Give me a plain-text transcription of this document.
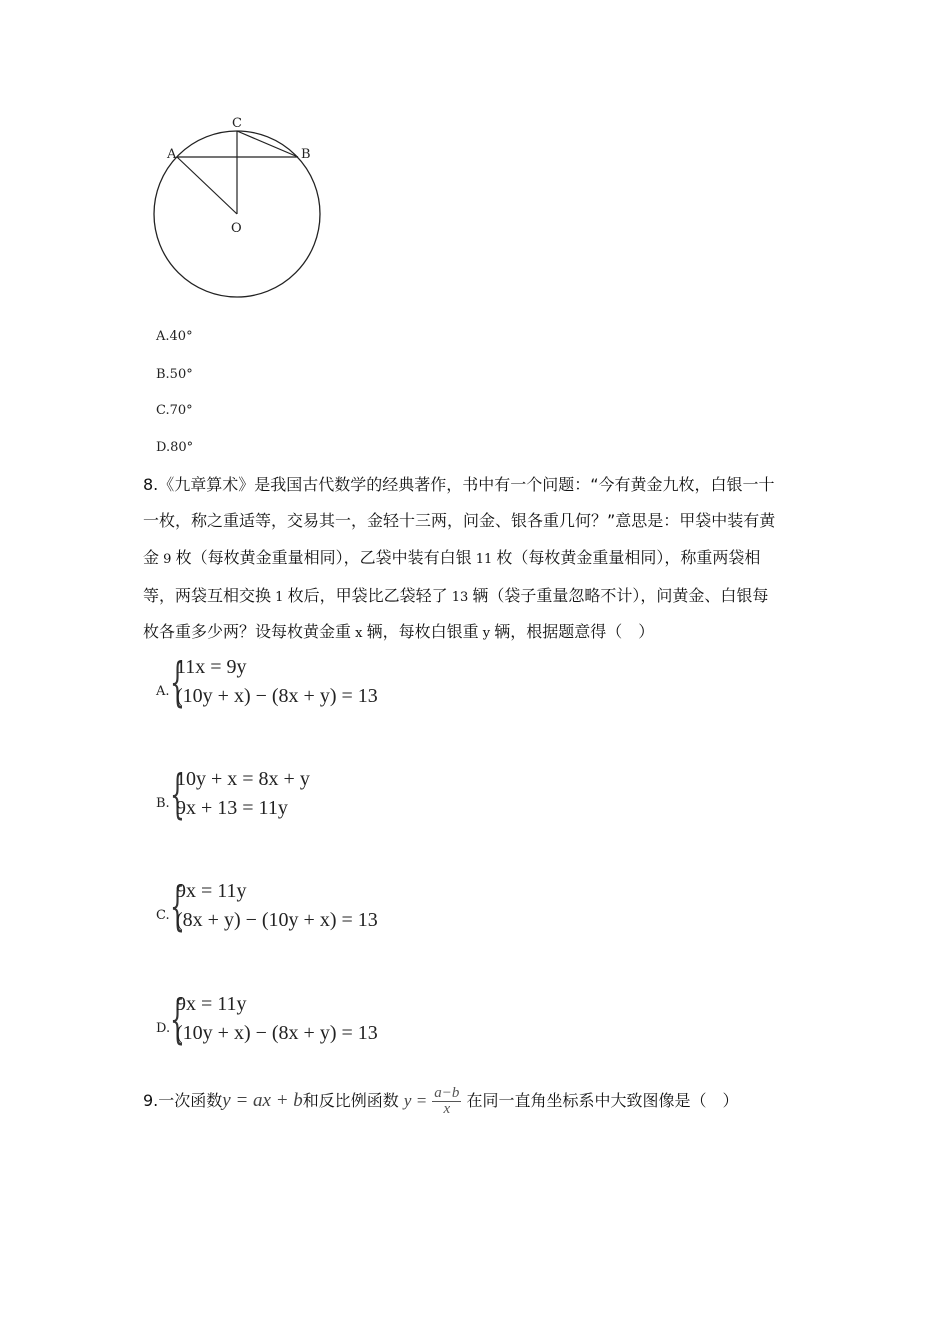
A	B
C
O
A.40°
B.50°
C.70°
D.80°
8.《九章算术》是我国古代数学的经典著作，书中有一个问题：“今有黄金九枚，白银一十
一枚，称之重适等，交易其一，金轻十三两，问金、银各重几何？”意思是：甲袋中装有黄
金 9 枚（每枚黄金重量相同），乙袋中装有白银 11 枚（每枚黄金重量相同），称重两袋相
等，两袋互相交换 1 枚后，甲袋比乙袋轻了 13 辆（袋子重量忽略不计），问黄金、白银每
枚各重多少两？设每枚黄金重 x 辆，每枚白银重 y 辆，根据题意得（　）
A. {
11x = 9y
(10y + x) − (8x + y) = 13
B. {
10y + x = 8x + y
9x + 13 = 11y
C. {
9x = 11y
(8x + y) − (10y + x) = 13
D. {
9x = 11y
(10y + x) − (8x + y) = 13
9.一次函数y = ax + b和反比例函数 $y = \frac{a-b}{x}$ 在同一直角坐标系中大致图像是（　）
